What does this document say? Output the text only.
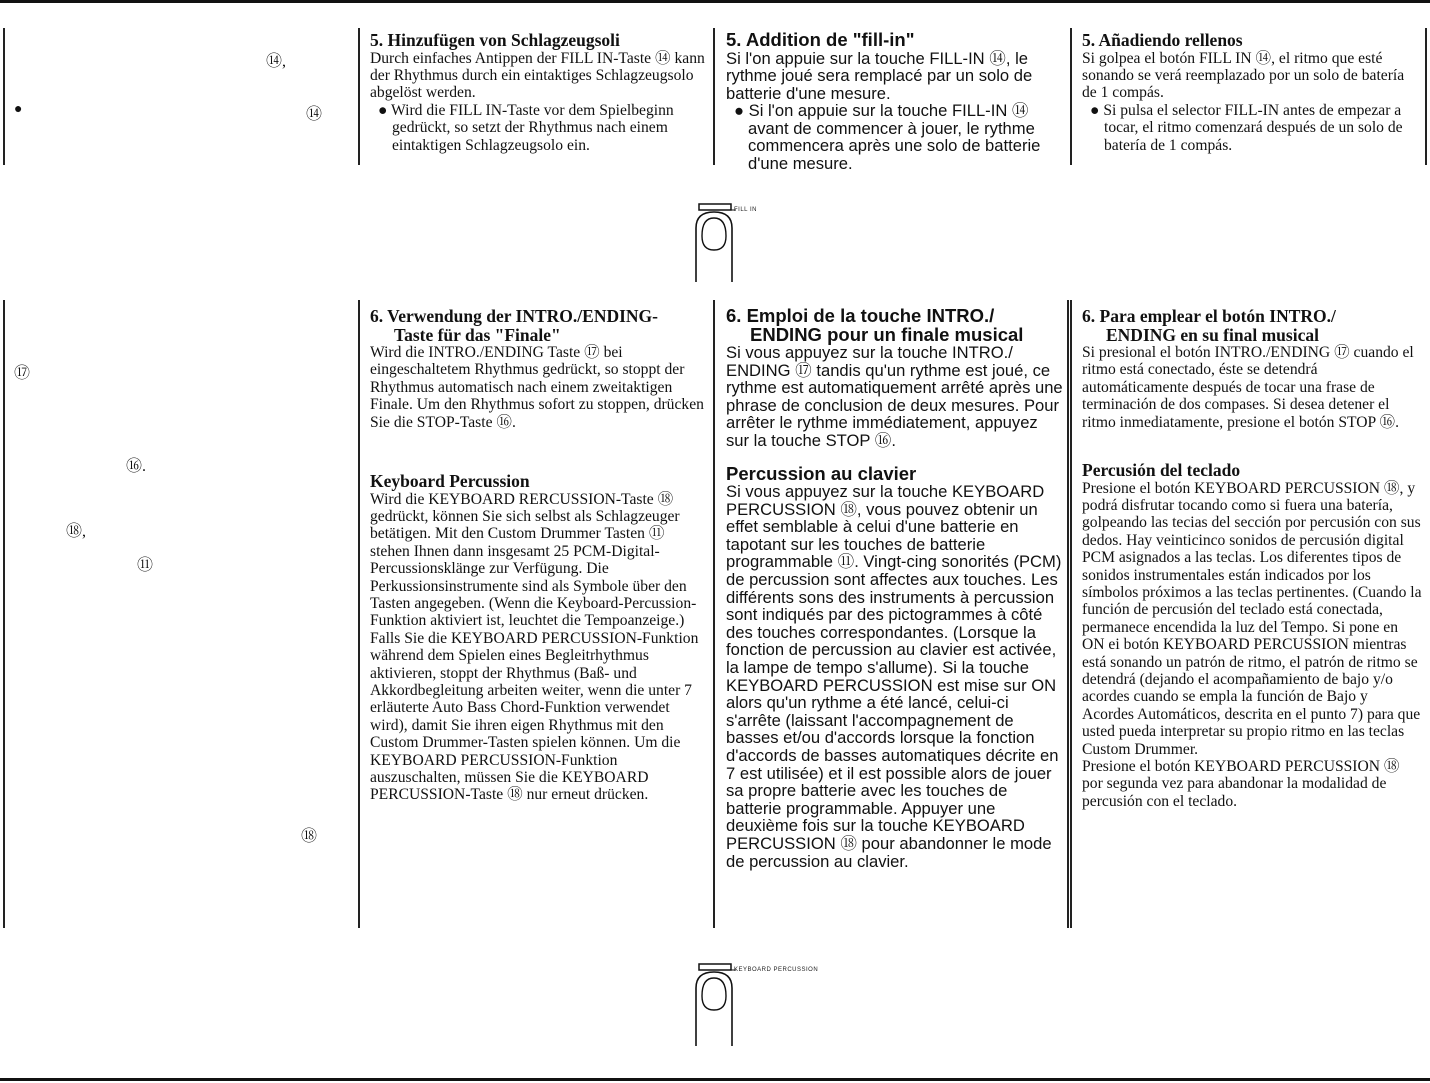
⑭,
●	⑭
⑰
⑯.
⑱,
⑪
⑱

5. Hinzufügen von Schlagzeugsoli

Durch einfaches Antippen der FILL IN-Taste ⑭ kann der Rhythmus durch ein eintaktiges Schlagzeugsolo abgelöst werden.

● Wird die FILL IN-Taste vor dem Spielbeginn gedrückt, so setzt der Rhythmus nach einem eintaktigen Schlagzeugsolo ein.

5. Addition de "fill-in"

Si l'on appuie sur la touche FILL-IN ⑭, le rythme joué sera remplacé par un solo de batterie d'une mesure.

● Si l'on appuie sur la touche FILL-IN ⑭ avant de commencer à jouer, le rythme commencera après une solo de batterie d'une mesure.

5. Añadiendo rellenos

Si golpea el botón FILL IN ⑭, el ritmo que esté sonando se verá reemplazado por un solo de batería de 1 compás.

● Si pulsa el selector FILL-IN antes de empezar a tocar, el ritmo comenzará después de un solo de batería de 1 compás.

FILL IN

6. Verwendung der INTRO./ENDING-

Taste für das "Finale"

Wird die INTRO./ENDING Taste ⑰ bei eingeschaltetem Rhythmus gedrückt, so stoppt der Rhythmus automatisch nach einem zweitaktigen Finale. Um den Rhythmus sofort zu stoppen, drücken Sie die STOP-Taste ⑯.

Keyboard Percussion

Wird die KEYBOARD RERCUSSION-Taste ⑱ gedrückt, können Sie sich selbst als Schlagzeuger betätigen. Mit den Custom Drummer Tasten ⑪ stehen Ihnen dann insgesamt 25 PCM-Digital-Percussionsklänge zur Verfügung. Die Perkussionsinstrumente sind als Symbole über den Tasten angegeben. (Wenn die Keyboard-Percussion-Funktion aktiviert ist, leuchtet die Tempoanzeige.) Falls Sie die KEYBOARD PERCUSSION-Funktion während dem Spielen eines Begleitrhythmus aktivieren, stoppt der Rhythmus (Baß- und Akkordbegleitung arbeiten weiter, wenn die unter 7 erläuterte Auto Bass Chord-Funktion verwendet wird), damit Sie ihren eigen Rhythmus mit den Custom Drummer-Tasten spielen können. Um die KEYBOARD PERCUSSION-Funktion auszuschalten, müssen Sie die KEYBOARD PERCUSSION-Taste ⑱ nur erneut drücken.

6. Emploi de la touche INTRO./

ENDING pour un finale musical

Si vous appuyez sur la touche INTRO./ ENDING ⑰ tandis qu'un rythme est joué, ce rythme est automatiquement arrêté après une phrase de conclusion de deux mesures. Pour arrêter le rythme immédiatement, appuyez sur la touche STOP ⑯.

Percussion au clavier

Si vous appuyez sur la touche KEYBOARD PERCUSSION ⑱, vous pouvez obtenir un effet semblable à celui d'une batterie en tapotant sur les touches de batterie programmable ⑪. Vingt-cing sonorités (PCM) de percussion sont affectes aux touches. Les différents sons des instruments à percussion sont indiqués par des pictogrammes à côté des touches correspondantes. (Lorsque la fonction de percussion au clavier est activée, la lampe de tempo s'allume). Si la touche KEYBOARD PERCUSSION est mise sur ON alors qu'un rythme a été lancé, celui-ci s'arrête (laissant l'accompagnement de basses et/ou d'accords lorsque la fonction d'accords de basses automatiques décrite en 7 est utilisée) et il est possible alors de jouer sa propre batterie avec les touches de batterie programmable. Appuyer une deuxième fois sur la touche KEYBOARD PERCUSSION ⑱ pour abandonner le mode de percussion au clavier.

6. Para emplear el botón INTRO./

ENDING en su final musical

Si presional el botón INTRO./ENDING ⑰ cuando el ritmo está conectado, éste se detendrá automáticamente después de tocar una frase de terminación de dos compases. Si desea detener el ritmo inmediatamente, presione el botón STOP ⑯.

Percusión del teclado

Presione el botón KEYBOARD PERCUSSION ⑱, y podrá disfrutar tocando como si fuera una batería, golpeando las tecias del sección por percusión con sus dedos. Hay veinticinco sonidos de percusión digital PCM asignados a las teclas. Los diferentes tipos de sonidos instrumentales están indicados por los símbolos próximos a las teclas pertinentes. (Cuando la función de percusión del teclado está conectada, permanece encendida la luz del Tempo. Si pone en ON ei botón KEYBOARD PERCUSSION mientras está sonando un patrón de ritmo, el patrón de ritmo se detendrá (dejando el acompañamiento de bajo y/o acordes cuando se empla la función de Bajo y Acordes Automáticos, descrita en el punto 7) para que usted pueda interpretar su propio ritmo en las teclas Custom Drummer.

Presione el botón KEYBOARD PERCUSSION ⑱ por segunda vez para abandonar la modalidad de percusión con el teclado.

KEYBOARD PERCUSSION
